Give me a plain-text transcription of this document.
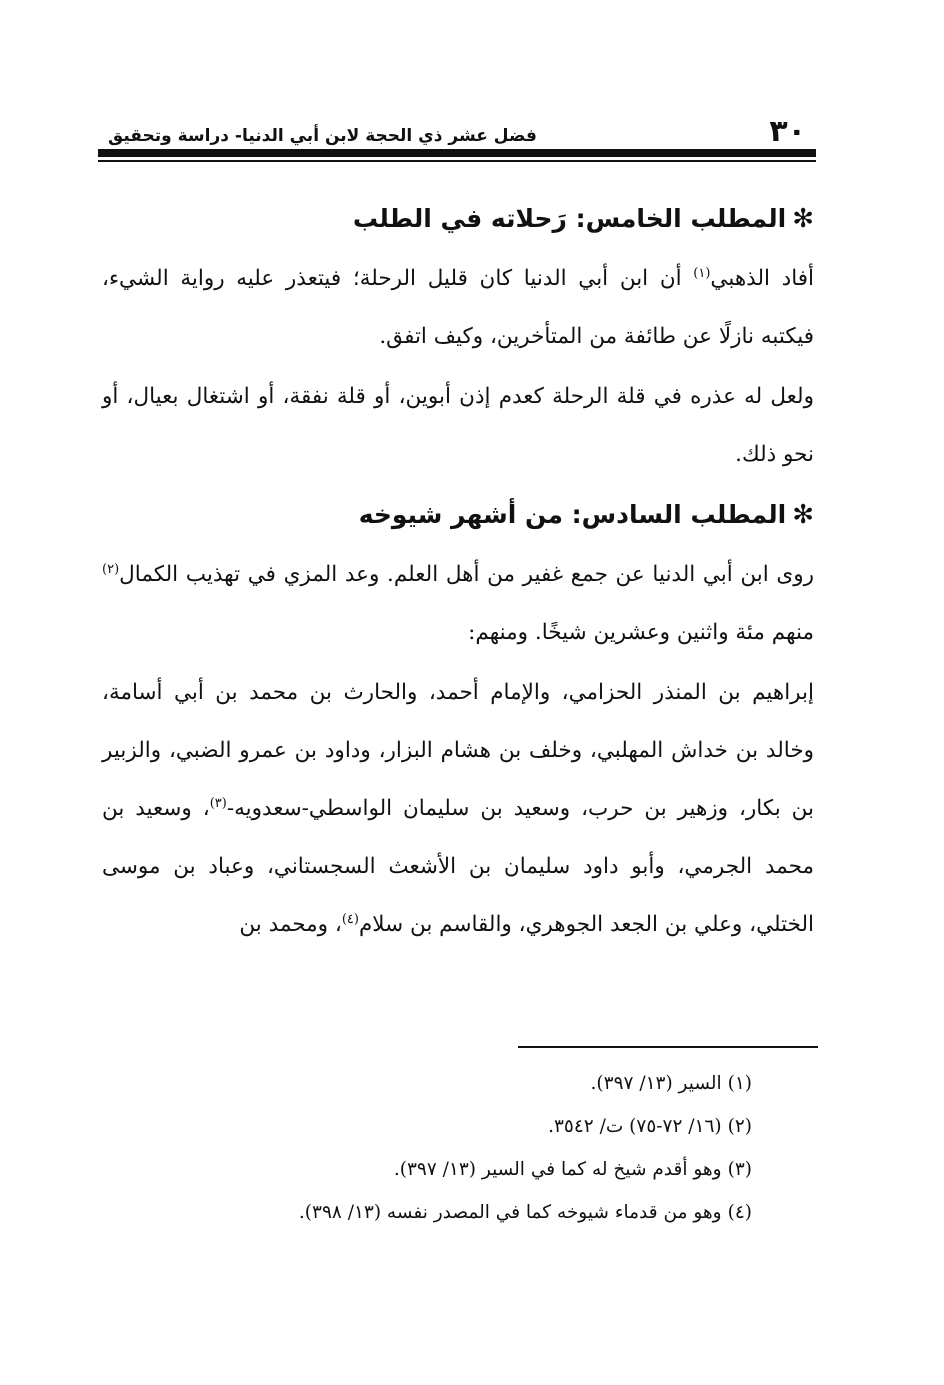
٣٠
فضل عشر ذي الحجة لابن أبي الدنيا- دراسة وتحقيق
✻المطلب الخامس: رَحلاته في الطلب

أفاد الذهبي$^{(١)}$ أن ابن أبي الدنيا كان قليل الرحلة؛ فيتعذر عليه رواية الشيء، فيكتبه نازلًا عن طائفة من المتأخرين، وكيف اتفق.

ولعل له عذره في قلة الرحلة كعدم إذن أبوين، أو قلة نفقة، أو اشتغال بعيال، أو نحو ذلك.

✻المطلب السادس: من أشهر شيوخه

روى ابن أبي الدنيا عن جمع غفير من أهل العلم. وعد المزي في تهذيب الكمال$^{(٢)}$ منهم مئة واثنين وعشرين شيخًا. ومنهم:

إبراهيم بن المنذر الحزامي، والإمام أحمد، والحارث بن محمد بن أبي أسامة، وخالد بن خداش المهلبي، وخلف بن هشام البزار، وداود بن عمرو الضبي، والزبير بن بكار، وزهير بن حرب، وسعيد بن سليمان الواسطي-سعدويه-$^{(٣)}$، وسعيد بن محمد الجرمي، وأبو داود سليمان بن الأشعث السجستاني، وعباد بن موسى الختلي، وعلي بن الجعد الجوهري، والقاسم بن سلام$^{(٤)}$، ومحمد بن

(١)السير (١٣/ ٣٩٧).
(٢)(١٦/ ٧٢-٧٥) ت/ ٣٥٤٢.
(٣)وهو أقدم شيخ له كما في السير (١٣/ ٣٩٧).
(٤)وهو من قدماء شيوخه كما في المصدر نفسه (١٣/ ٣٩٨).
